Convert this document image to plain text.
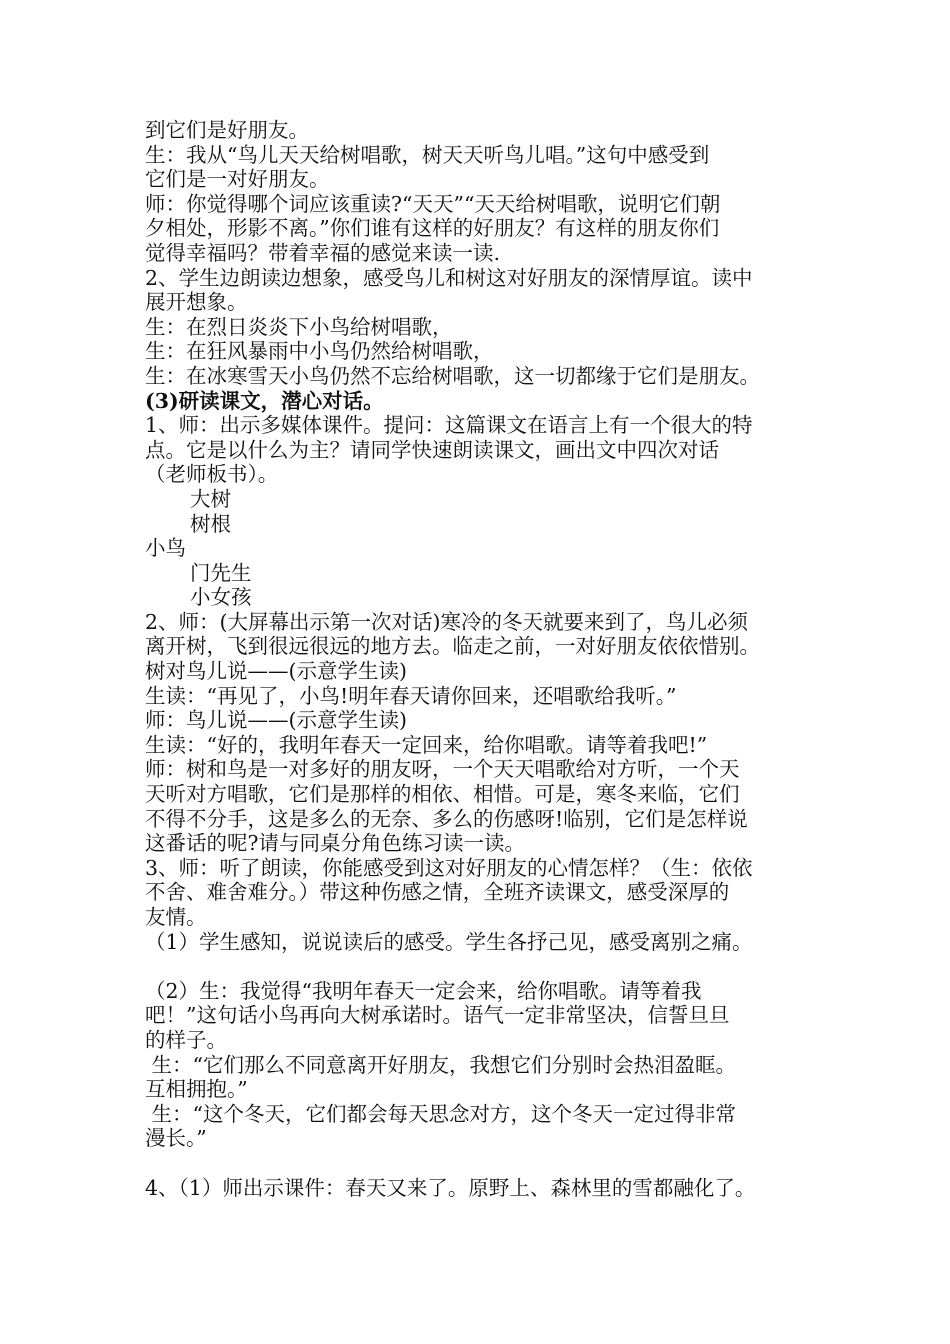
到它们是好朋友。
生：我从“鸟儿天天给树唱歌，树天天听鸟儿唱。”这句中感受到
它们是一对好朋友。
师：你觉得哪个词应该重读?“天天”“天天给树唱歌，说明它们朝
夕相处，形影不离。”你们谁有这样的好朋友？有这样的朋友你们
觉得幸福吗？带着幸福的感觉来读一读.
2、学生边朗读边想象，感受鸟儿和树这对好朋友的深情厚谊。读中
展开想象。
生：在烈日炎炎下小鸟给树唱歌，
生：在狂风暴雨中小鸟仍然给树唱歌，
生：在冰寒雪天小鸟仍然不忘给树唱歌，这一切都缘于它们是朋友。
(3)研读课文，潜心对话。
1、师：出示多媒体课件。提问：这篇课文在语言上有一个很大的特
点。它是以什么为主？请同学快速朗读课文，画出文中四次对话
（老师板书）。
大树
树根
小鸟
门先生
小女孩
2、师：(大屏幕出示第一次对话)寒冷的冬天就要来到了，鸟儿必须
离开树，飞到很远很远的地方去。临走之前，一对好朋友依依惜别。
树对鸟儿说——(示意学生读)
生读：“再见了，小鸟!明年春天请你回来，还唱歌给我听。”
师：鸟儿说——(示意学生读)
生读：“好的，我明年春天一定回来，给你唱歌。请等着我吧!”
师：树和鸟是一对多好的朋友呀，一个天天唱歌给对方听，一个天
天听对方唱歌，它们是那样的相依、相惜。可是，寒冬来临，它们
不得不分手，这是多么的无奈、多么的伤感呀!临别，它们是怎样说
这番话的呢?请与同桌分角色练习读一读。
3、师：听了朗读，你能感受到这对好朋友的心情怎样？（生：依依
不舍、难舍难分。）带这种伤感之情，全班齐读课文，感受深厚的
友情。
（1）学生感知，说说读后的感受。学生各抒己见，感受离别之痛。
（2）生：我觉得“我明年春天一定会来，给你唱歌。请等着我
吧！”这句话小鸟再向大树承诺时。语气一定非常坚决，信誓旦旦
的样子。
生：“它们那么不同意离开好朋友，我想它们分别时会热泪盈眶。
互相拥抱。”
生：“这个冬天，它们都会每天思念对方，这个冬天一定过得非常
漫长。”
4、（1）师出示课件：春天又来了。原野上、森林里的雪都融化了。
